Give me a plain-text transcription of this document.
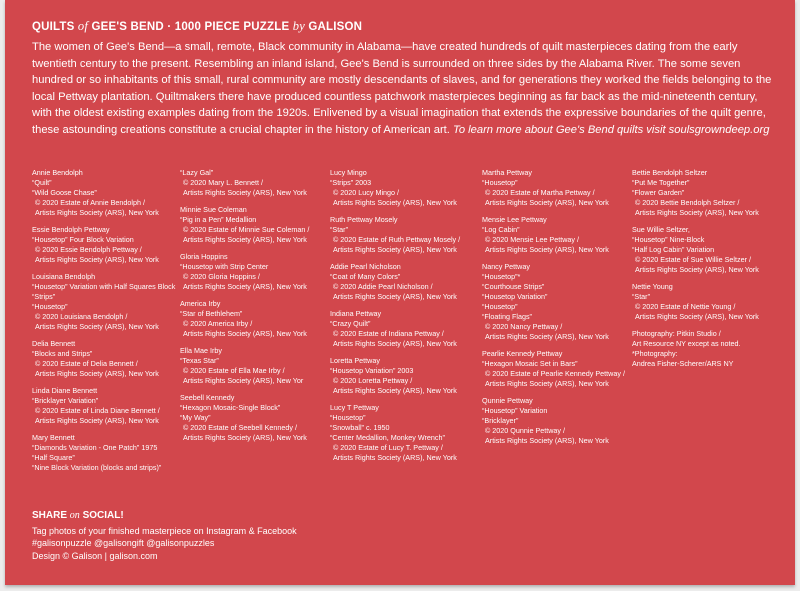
QUILTS of GEE'S BEND · 1000 PIECE PUZZLE by GALISON
The women of Gee's Bend—a small, remote, Black community in Alabama—have created hundreds of quilt masterpieces dating from the early twentieth century to the present. Resembling an inland island, Gee's Bend is surrounded on three sides by the Alabama River. The some seven hundred or so inhabitants of this small, rural community are mostly descendants of slaves, and for generations they worked the fields belonging to the local Pettway plantation. Quiltmakers there have produced countless patchwork masterpieces beginning as far back as the mid-nineteenth century, with the oldest existing examples dating from the 1920s. Enlivened by a visual imagination that extends the expressive boundaries of the quilt genre, these astounding creations constitute a crucial chapter in the history of American art. To learn more about Gee's Bend quilts visit soulsgrowndeep.org
Annie Bendolph
“Quilt”
“Wild Goose Chase”
© 2020 Estate of Annie Bendolph /
Artists Rights Society (ARS), New York
Essie Bendolph Pettway
“Housetop” Four Block Variation
© 2020 Essie Bendolph Pettway /
Artists Rights Society (ARS), New York
Louisiana Bendolph
“Housetop” Variation with Half Squares Block
“Strips”
“Housetop”
© 2020 Louisiana Bendolph /
Artists Rights Society (ARS), New York
Delia Bennett
“Blocks and Strips”
© 2020 Estate of Delia Bennett /
Artists Rights Society (ARS), New York
Linda Diane Bennett
“Bricklayer Variation”
© 2020 Estate of Linda Diane Bennett /
Artists Rights Society (ARS), New York
Mary Bennett
“Diamonds Variation - One Patch” 1975
“Half Square”
“Nine Block Variation (blocks and strips)”
“Lazy Gal”
© 2020 Mary L. Bennett /
Artists Rights Society (ARS), New York
Minnie Sue Coleman
“Pig in a Pen” Medallion
© 2020 Estate of Minnie Sue Coleman /
Artists Rights Society (ARS), New York
Gloria Hoppins
“Housetop with Strip Center
© 2020 Gloria Hoppins /
Artists Rights Society (ARS), New York
America Irby
“Star of Bethlehem”
© 2020 America Irby /
Artists Rights Society (ARS), New York
Ella Mae Irby
“Texas Star”
© 2020 Estate of Ella Mae Irby /
Artists Rights Society (ARS), New Yor
Seebell Kennedy
“Hexagon Mosaic-Single Block”
“My Way”
© 2020 Estate of Seebell Kennedy /
Artists Rights Society (ARS), New York
Lucy Mingo
“Strips” 2003
© 2020 Lucy Mingo /
Artists Rights Society (ARS), New York
Ruth Pettway Mosely
“Star”
© 2020 Estate of Ruth Pettway Mosely /
Artists Rights Society (ARS), New York
Addie Pearl Nicholson
“Coat of Many Colors”
© 2020 Addie Pearl Nicholson /
Artists Rights Society (ARS), New York
Indiana Pettway
“Crazy Quilt”
© 2020 Estate of Indiana Pettway /
Artists Rights Society (ARS), New York
Loretta Pettway
“Housetop Variation” 2003
© 2020 Loretta Pettway /
Artists Rights Society (ARS), New York
Lucy T Pettway
“Housetop”
“Snowball” c. 1950
“Center Medallion, Monkey Wrench”
© 2020 Estate of Lucy T. Pettway /
Artists Rights Society (ARS), New York
Martha Pettway
“Housetop”
© 2020 Estate of Martha Pettway /
Artists Rights Society (ARS), New York
Mensie Lee Pettway
“Log Cabin”
© 2020 Mensie Lee Pettway /
Artists Rights Society (ARS), New York
Nancy Pettway
“Housetop”*
“Courthouse Strips”
“Housetop Variation”
“Housetop”
“Floating Flags”
© 2020 Nancy Pettway /
Artists Rights Society (ARS), New York
Pearlie Kennedy Pettway
“Hexagon Mosaic Set in Bars”
© 2020 Estate of Pearlie Kennedy Pettway /
Artists Rights Society (ARS), New York
Qunnie Pettway
“Housetop” Variation
“Bricklayer”
© 2020 Qunnie Pettway /
Artists Rights Society (ARS), New York
Bettie Bendolph Seltzer
“Put Me Together”
“Flower Garden”
© 2020 Bettie Bendolph Seltzer /
Artists Rights Society (ARS), New York
Sue Willie Seltzer,
“Housetop” Nine-Block
“Half Log Cabin” Variation
© 2020 Estate of Sue Willie Seltzer /
Artists Rights Society (ARS), New York
Nettie Young
“Star”
© 2020 Estate of Nettie Young /
Artists Rights Society (ARS), New York
Photography: Pitkin Studio /
Art Resource NY except as noted.
*Photography:
Andrea Fisher-Scherer/ARS NY
SHARE on SOCIAL!
Tag photos of your finished masterpiece on Instagram & Facebook
#galisonpuzzle @galisongift @galisonpuzzles
Design © Galison | galison.com
